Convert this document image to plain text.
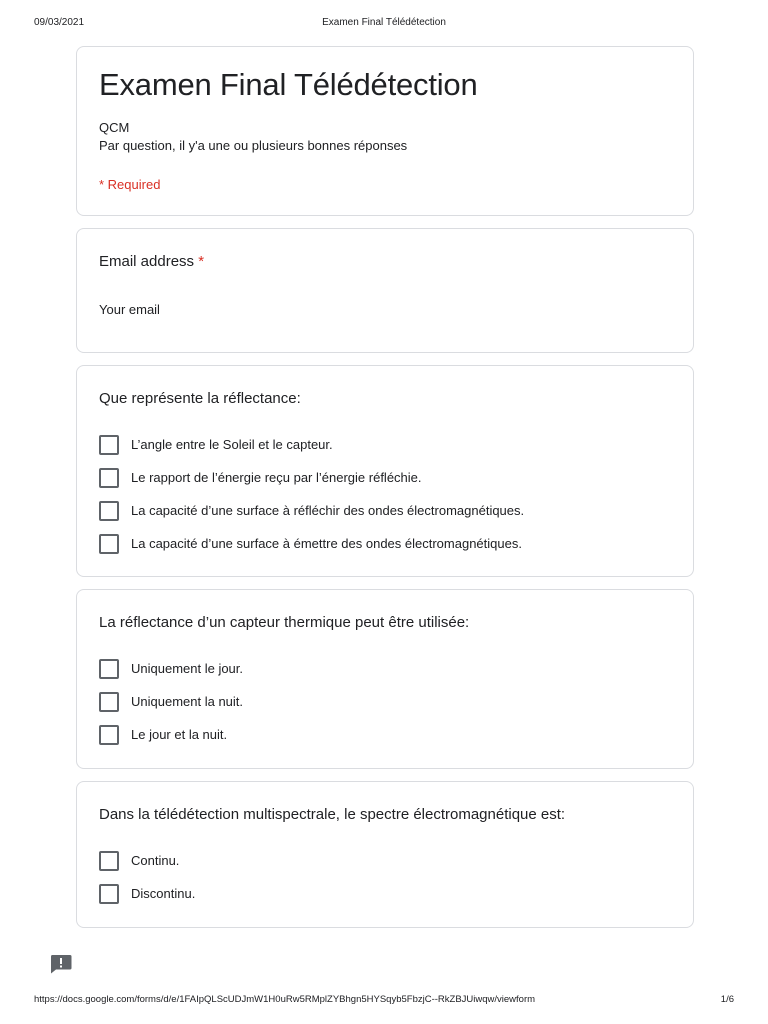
09/03/2021	Examen Final Télédétection
Examen Final Télédétection
QCM
Par question, il y'a une ou plusieurs bonnes réponses
* Required
Email address *
Your email
Que représente la réflectance:
L’angle entre le Soleil et le capteur.
Le rapport de l’énergie reçu par l’énergie réfléchie.
La capacité d’une surface à réfléchir des ondes électromagnétiques.
La capacité d’une surface à émettre des ondes électromagnétiques.
La réflectance d’un capteur thermique peut être utilisée:
Uniquement le jour.
Uniquement la nuit.
Le jour et la nuit.
Dans la télédétection multispectrale, le spectre électromagnétique est:
Continu.
Discontinu.
https://docs.google.com/forms/d/e/1FAIpQLScUDJmW1H0uRw5RMplZYBhgn5HYSqyb5FbzjC--RkZBJUiwqw/viewform	1/6
